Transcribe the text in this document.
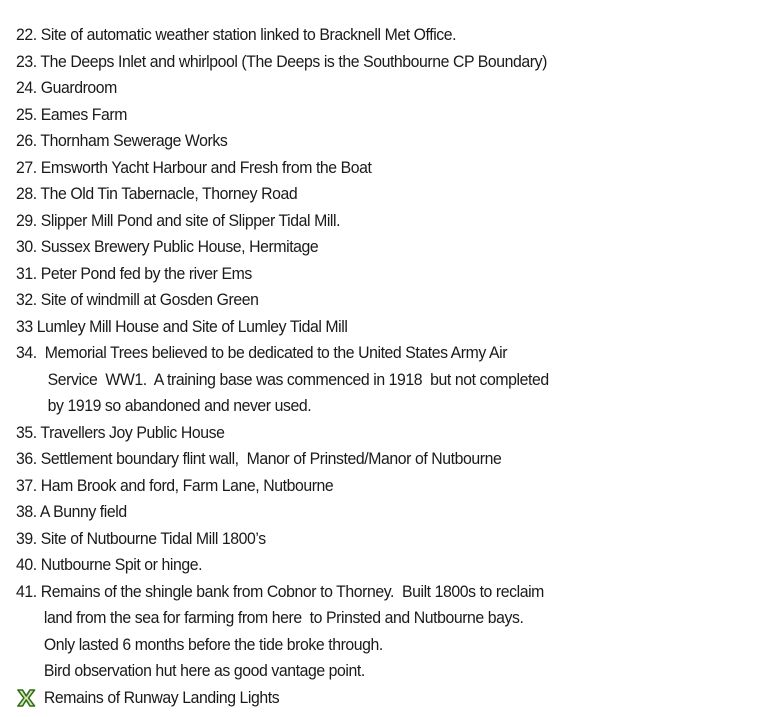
22. Site of automatic weather station linked to Bracknell Met Office.
23. The Deeps Inlet and whirlpool (The Deeps is the Southbourne CP Boundary)
24. Guardroom
25. Eames Farm
26. Thornham Sewerage Works
27. Emsworth Yacht Harbour and Fresh from the Boat
28. The Old Tin Tabernacle, Thorney Road
29. Slipper Mill Pond and site of Slipper Tidal Mill.
30. Sussex Brewery Public House, Hermitage
31. Peter Pond fed by the river Ems
32. Site of windmill at Gosden Green
33 Lumley Mill House and Site of Lumley Tidal Mill
34.  Memorial Trees believed to be dedicated to the United States Army Air
Service  WW1.  A training base was commenced in 1918  but not completed
by 1919 so abandoned and never used.
35. Travellers Joy Public House
36. Settlement boundary flint wall,  Manor of Prinsted/Manor of Nutbourne
37. Ham Brook and ford, Farm Lane, Nutbourne
38. A Bunny field
39. Site of Nutbourne Tidal Mill 1800’s
40. Nutbourne Spit or hinge.
41. Remains of the shingle bank from Cobnor to Thorney.  Built 1800s to reclaim
land from the sea for farming from here  to Prinsted and Nutbourne bays.
Only lasted 6 months before the tide broke through.
Bird observation hut here as good vantage point.
Remains of Runway Landing Lights
